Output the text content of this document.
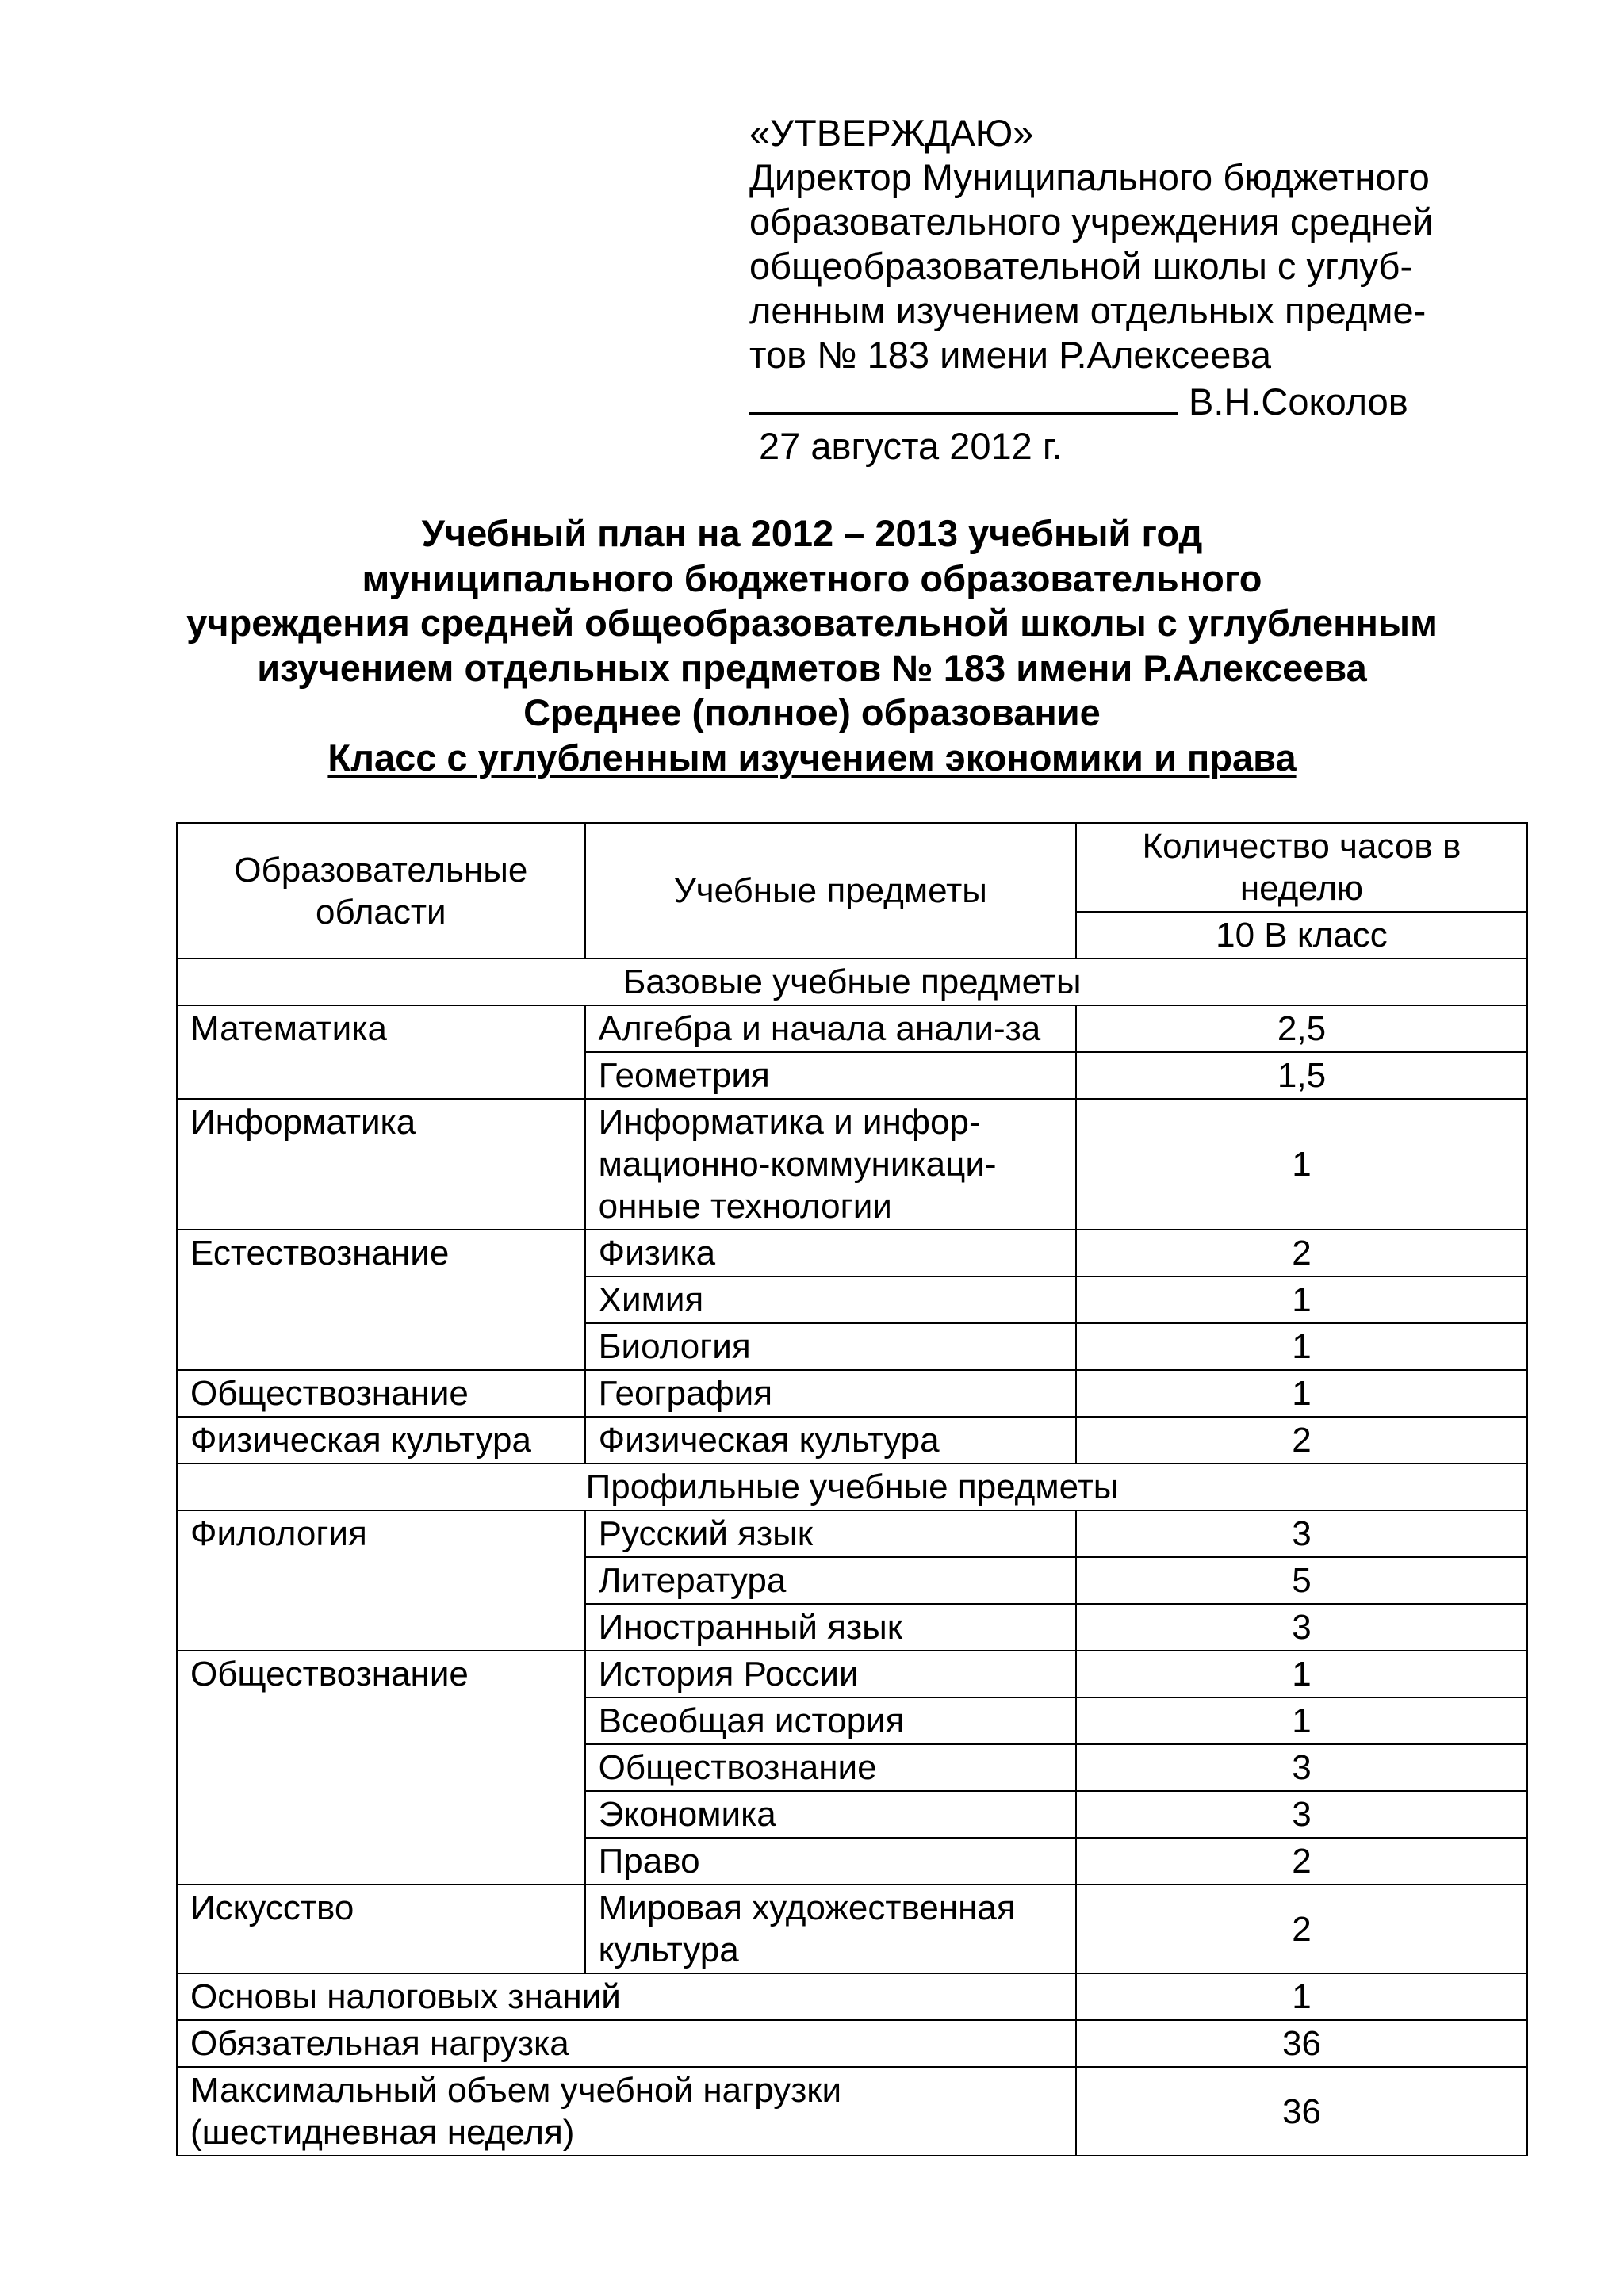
«УТВЕРЖДАЮ»
Директор Муниципального бюджетного
образовательного учреждения средней
общеобразовательной школы с углуб-
ленным изучением отдельных предме-
тов № 183 имени Р.Алексеева
В.Н.Соколов
27 августа 2012 г.
Учебный план на 2012 – 2013 учебный год
муниципального бюджетного образовательного
учреждения средней общеобразовательной школы с углубленным
изучением отдельных предметов № 183 имени Р.Алексеева
Среднее (полное) образование
Класс с углубленным изучением экономики и права
Образовательные области	Учебные предметы	Количество часов в неделю
		10 В класс
Базовые учебные предметы		
Математика	Алгебра и начала анали-за	2,5
	Геометрия	1,5
Информатика	Информатика и инфор-мационно-коммуникаци-онные технологии	1
Естествознание	Физика	2
	Химия	1
	Биология	1
Обществознание	География	1
Физическая культура	Физическая культура	2
Профильные учебные предметы		
Филология	Русский язык	3
	Литература	5
	Иностранный язык	3
Обществознание	История России	1
	Всеобщая история	1
	Обществознание	3
	Экономика	3
	Право	2
Искусство	Мировая художественная культура	2
Основы налоговых знаний		1
Обязательная нагрузка		36
Максимальный объем учебной нагрузки (шестидневная неделя)		36
